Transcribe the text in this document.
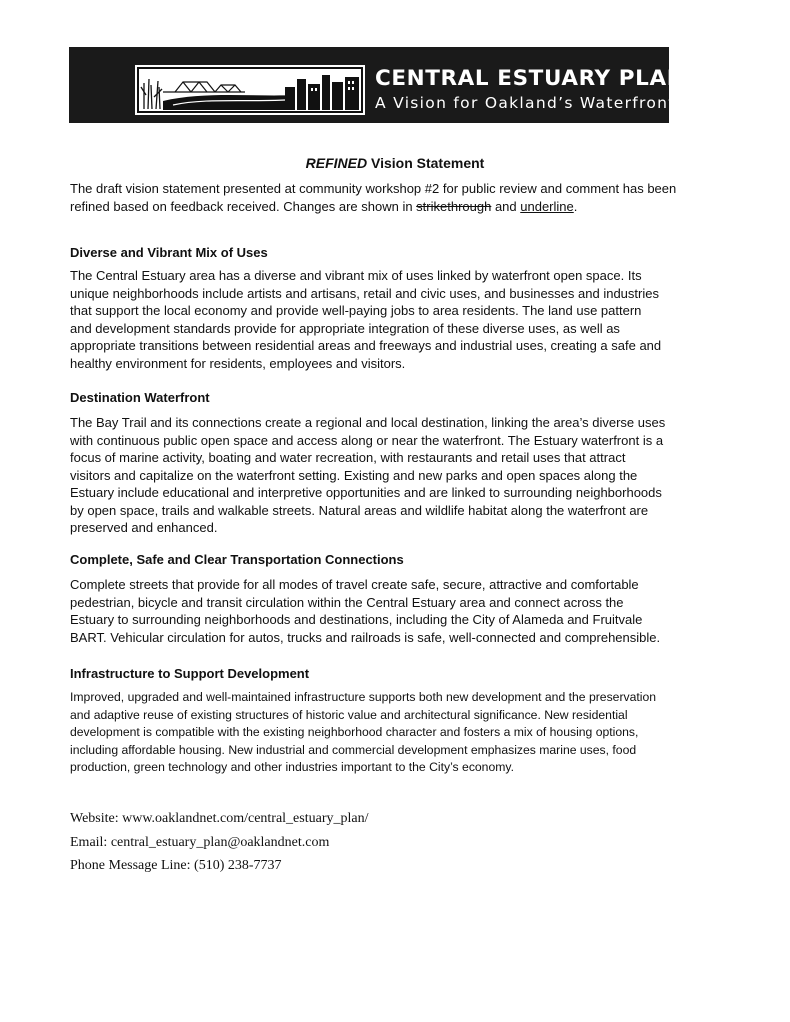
CENTRAL ESTUARY PLAN
A Vision for Oakland’s Waterfront
REFINED Vision Statement

The draft vision statement presented at community workshop #2 for public review and comment has been
refined based on feedback received. Changes are shown in strikethrough and underline.

Diverse and Vibrant Mix of Uses

The Central Estuary area has a diverse and vibrant mix of uses linked by waterfront open space. Its
unique neighborhoods include artists and artisans, retail and civic uses, and businesses and industries
that support the local economy and provide well-paying jobs to area residents. The land use pattern
and development standards provide for appropriate integration of these diverse uses, as well as
appropriate transitions between residential areas and freeways and industrial uses, creating a safe and
healthy environment for residents, employees and visitors.

Destination Waterfront

The Bay Trail and its connections create a regional and local destination, linking the area’s diverse uses
with continuous public open space and access along or near the waterfront. The Estuary waterfront is a
focus of marine activity, boating and water recreation, with restaurants and retail uses that attract
visitors and capitalize on the waterfront setting. Existing and new parks and open spaces along the
Estuary include educational and interpretive opportunities and are linked to surrounding neighborhoods
by open space, trails and walkable streets. Natural areas and wildlife habitat along the waterfront are
preserved and enhanced.

Complete, Safe and Clear Transportation Connections

Complete streets that provide for all modes of travel create safe, secure, attractive and comfortable
pedestrian, bicycle and transit circulation within the Central Estuary area and connect across the
Estuary to surrounding neighborhoods and destinations, including the City of Alameda and Fruitvale
BART. Vehicular circulation for autos, trucks and railroads is safe, well-connected and comprehensible.

Infrastructure to Support Development

Improved, upgraded and well-maintained infrastructure supports both new development and the preservation
and adaptive reuse of existing structures of historic value and architectural significance. New residential
development is compatible with the existing neighborhood character and fosters a mix of housing options,
including affordable housing. New industrial and commercial development emphasizes marine uses, food
production, green technology and other industries important to the City’s economy.

Website: www.oaklandnet.com/central_estuary_plan/
Email: central_estuary_plan@oaklandnet.com
Phone Message Line: (510) 238-7737
